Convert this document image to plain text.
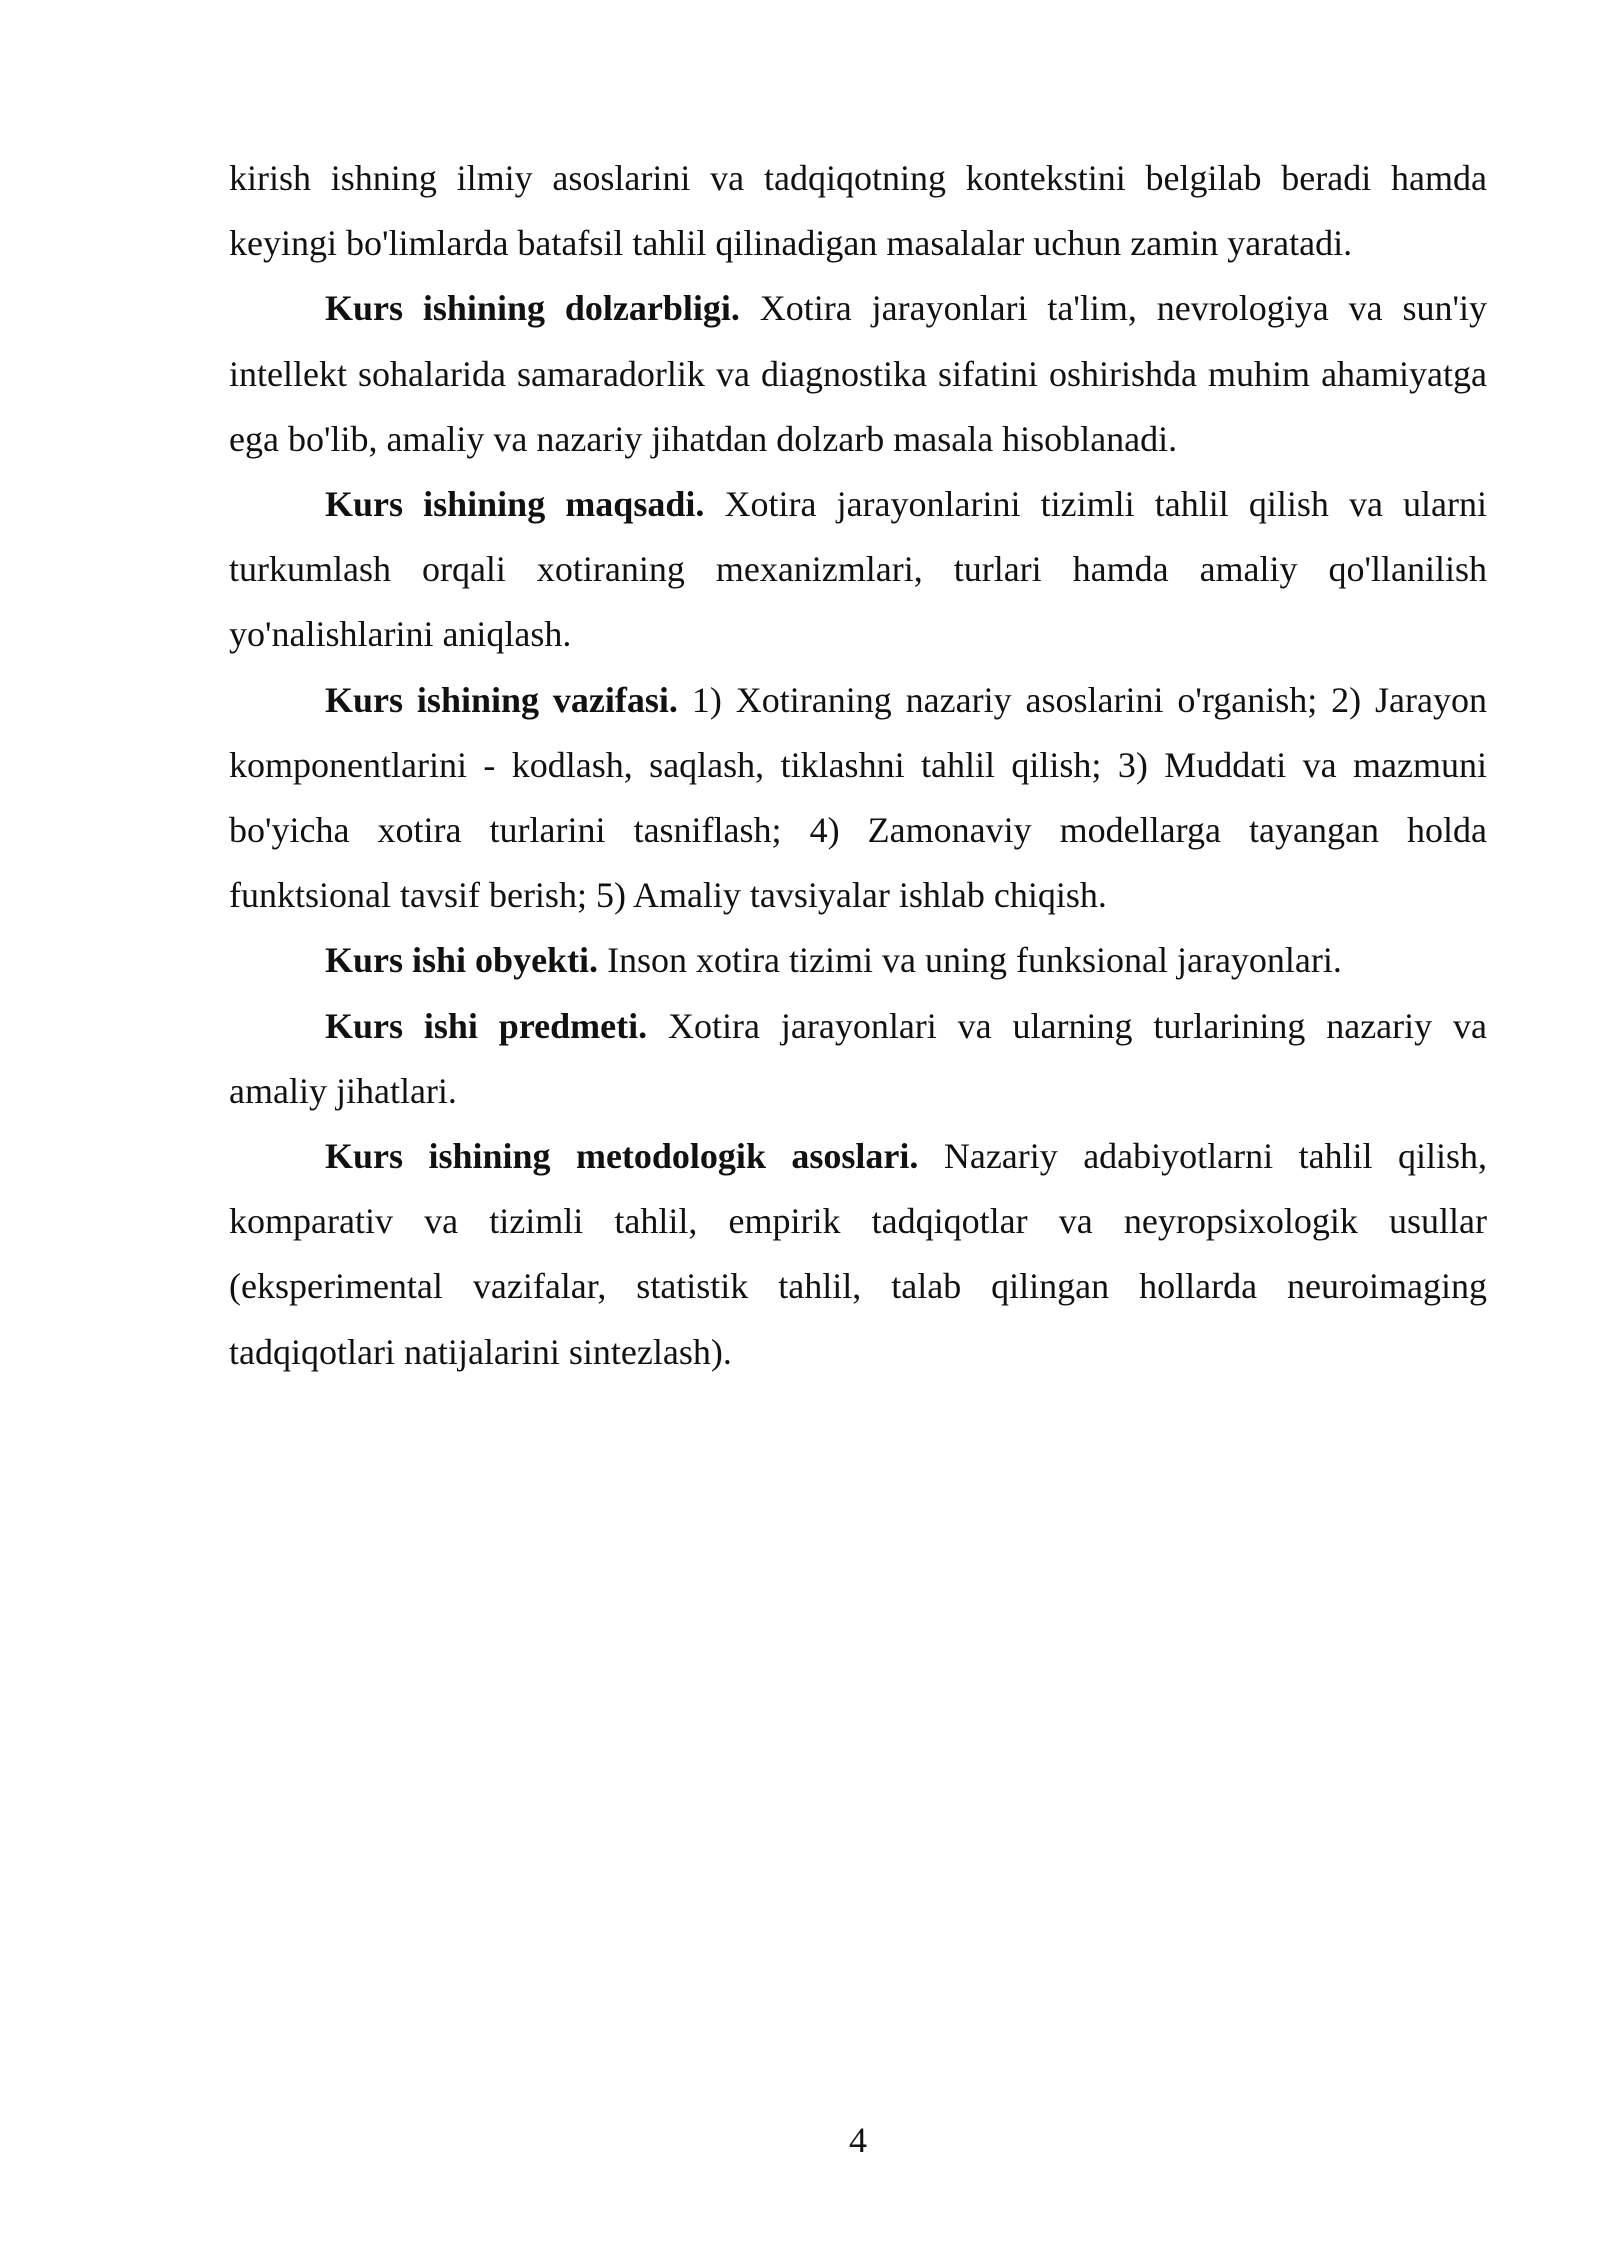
kirish ishning ilmiy asoslarini va tadqiqotning kontekstini belgilab beradi hamda keyingi bo'limlarda batafsil tahlil qilinadigan masalalar uchun zamin yaratadi.

Kurs ishining dolzarbligi. Xotira jarayonlari ta'lim, nevrologiya va sun'iy intellekt sohalarida samaradorlik va diagnostika sifatini oshirishda muhim ahamiyatga ega bo'lib, amaliy va nazariy jihatdan dolzarb masala hisoblanadi.

Kurs ishining maqsadi. Xotira jarayonlarini tizimli tahlil qilish va ularni turkumlash orqali xotiraning mexanizmlari, turlari hamda amaliy qo'llanilish yo'nalishlarini aniqlash.

Kurs ishining vazifasi. 1) Xotiraning nazariy asoslarini o'rganish; 2) Jarayon komponentlarini - kodlash, saqlash, tiklashni tahlil qilish; 3) Muddati va mazmuni bo'yicha xotira turlarini tasniflash; 4) Zamonaviy modellarga tayangan holda funktsional tavsif berish; 5) Amaliy tavsiyalar ishlab chiqish.

Kurs ishi obyekti. Inson xotira tizimi va uning funksional jarayonlari.

Kurs ishi predmeti. Xotira jarayonlari va ularning turlarining nazariy va amaliy jihatlari.

Kurs ishining metodologik asoslari. Nazariy adabiyotlarni tahlil qilish, komparativ va tizimli tahlil, empirik tadqiqotlar va neyropsixologik usullar (eksperimental vazifalar, statistik tahlil, talab qilingan hollarda neuroimaging tadqiqotlari natijalarini sintezlash).

4
